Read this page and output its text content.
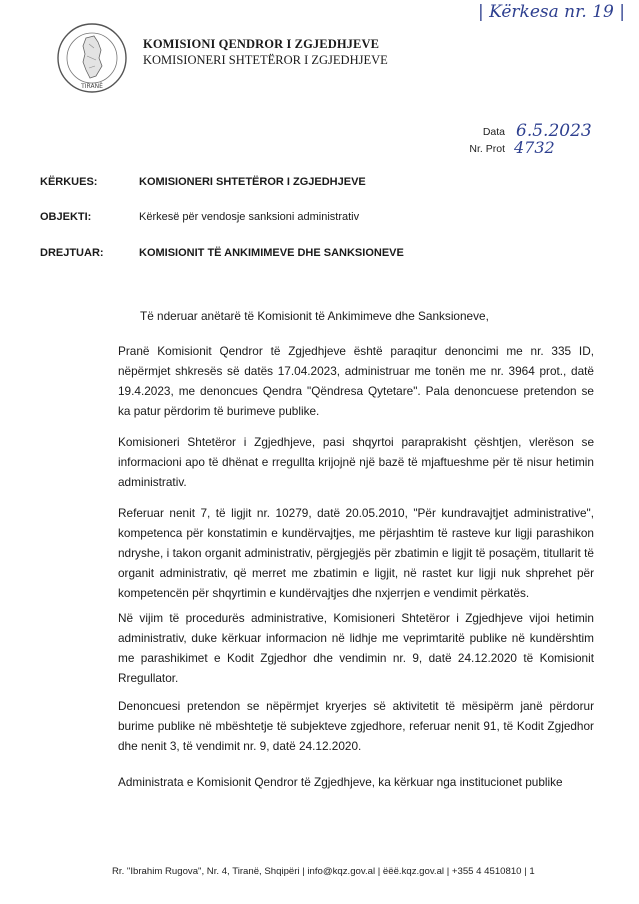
| Kërkesa nr. 19 |
TIRANË
KOMISIONI QENDROR I ZGJEDHJEVE
KOMISIONERI SHTETËROR I ZGJEDHJEVE
Data 6.5.2023
Nr. Prot 4732
KËRKUES:	KOMISIONERI SHTETËROR I ZGJEDHJEVE
OBJEKTI:	Kërkesë për vendosje sanksioni administrativ
DREJTUAR:	KOMISIONIT TË ANKIMIMEVE DHE SANKSIONEVE
Të nderuar anëtarë të Komisionit të Ankimimeve dhe Sanksioneve,
Pranë Komisionit Qendror të Zgjedhjeve është paraqitur denoncimi me nr. 335 ID, nëpërmjet shkresës së datës 17.04.2023, administruar me tonën me nr. 3964 prot., datë 19.4.2023, me denoncues Qendra "Qëndresa Qytetare". Pala denoncuese pretendon se ka patur përdorim të burimeve publike.
Komisioneri Shtetëror i Zgjedhjeve, pasi shqyrtoi paraprakisht çështjen, vlerëson se informacioni apo të dhënat e rregullta krijojnë një bazë të mjaftueshme për të nisur hetimin administrativ.
Referuar nenit 7, të ligjit nr. 10279, datë 20.05.2010, "Për kundravajtjet administrative", kompetenca për konstatimin e kundërvajtjes, me përjashtim të rasteve kur ligji parashikon ndryshe, i takon organit administrativ, përgjegjës për zbatimin e ligjit të posaçëm, titullarit të organit administrativ, që merret me zbatimin e ligjit, në rastet kur ligji nuk shprehet për kompetencën për shqyrtimin e kundërvajtjes dhe nxjerrjen e vendimit përkatës.
Në vijim të procedurës administrative, Komisioneri Shtetëror i Zgjedhjeve vijoi hetimin administrativ, duke kërkuar informacion në lidhje me veprimtaritë publike në kundërshtim me parashikimet e Kodit Zgjedhor dhe vendimin nr. 9, datë 24.12.2020 të Komisionit Rregullator.
Denoncuesi pretendon se nëpërmjet kryerjes së aktivitetit të mësipërm janë përdorur burime publike në mbështetje të subjekteve zgjedhore, referuar nenit 91, të Kodit Zgjedhor dhe nenit 3, të vendimit nr. 9, datë 24.12.2020.
Administrata e Komisionit Qendror të Zgjedhjeve, ka kërkuar nga institucionet publike
Rr. "Ibrahim Rugova", Nr. 4, Tiranë, Shqipëri | info@kqz.gov.al | ëëë.kqz.gov.al | +355 4 4510810 | 1
